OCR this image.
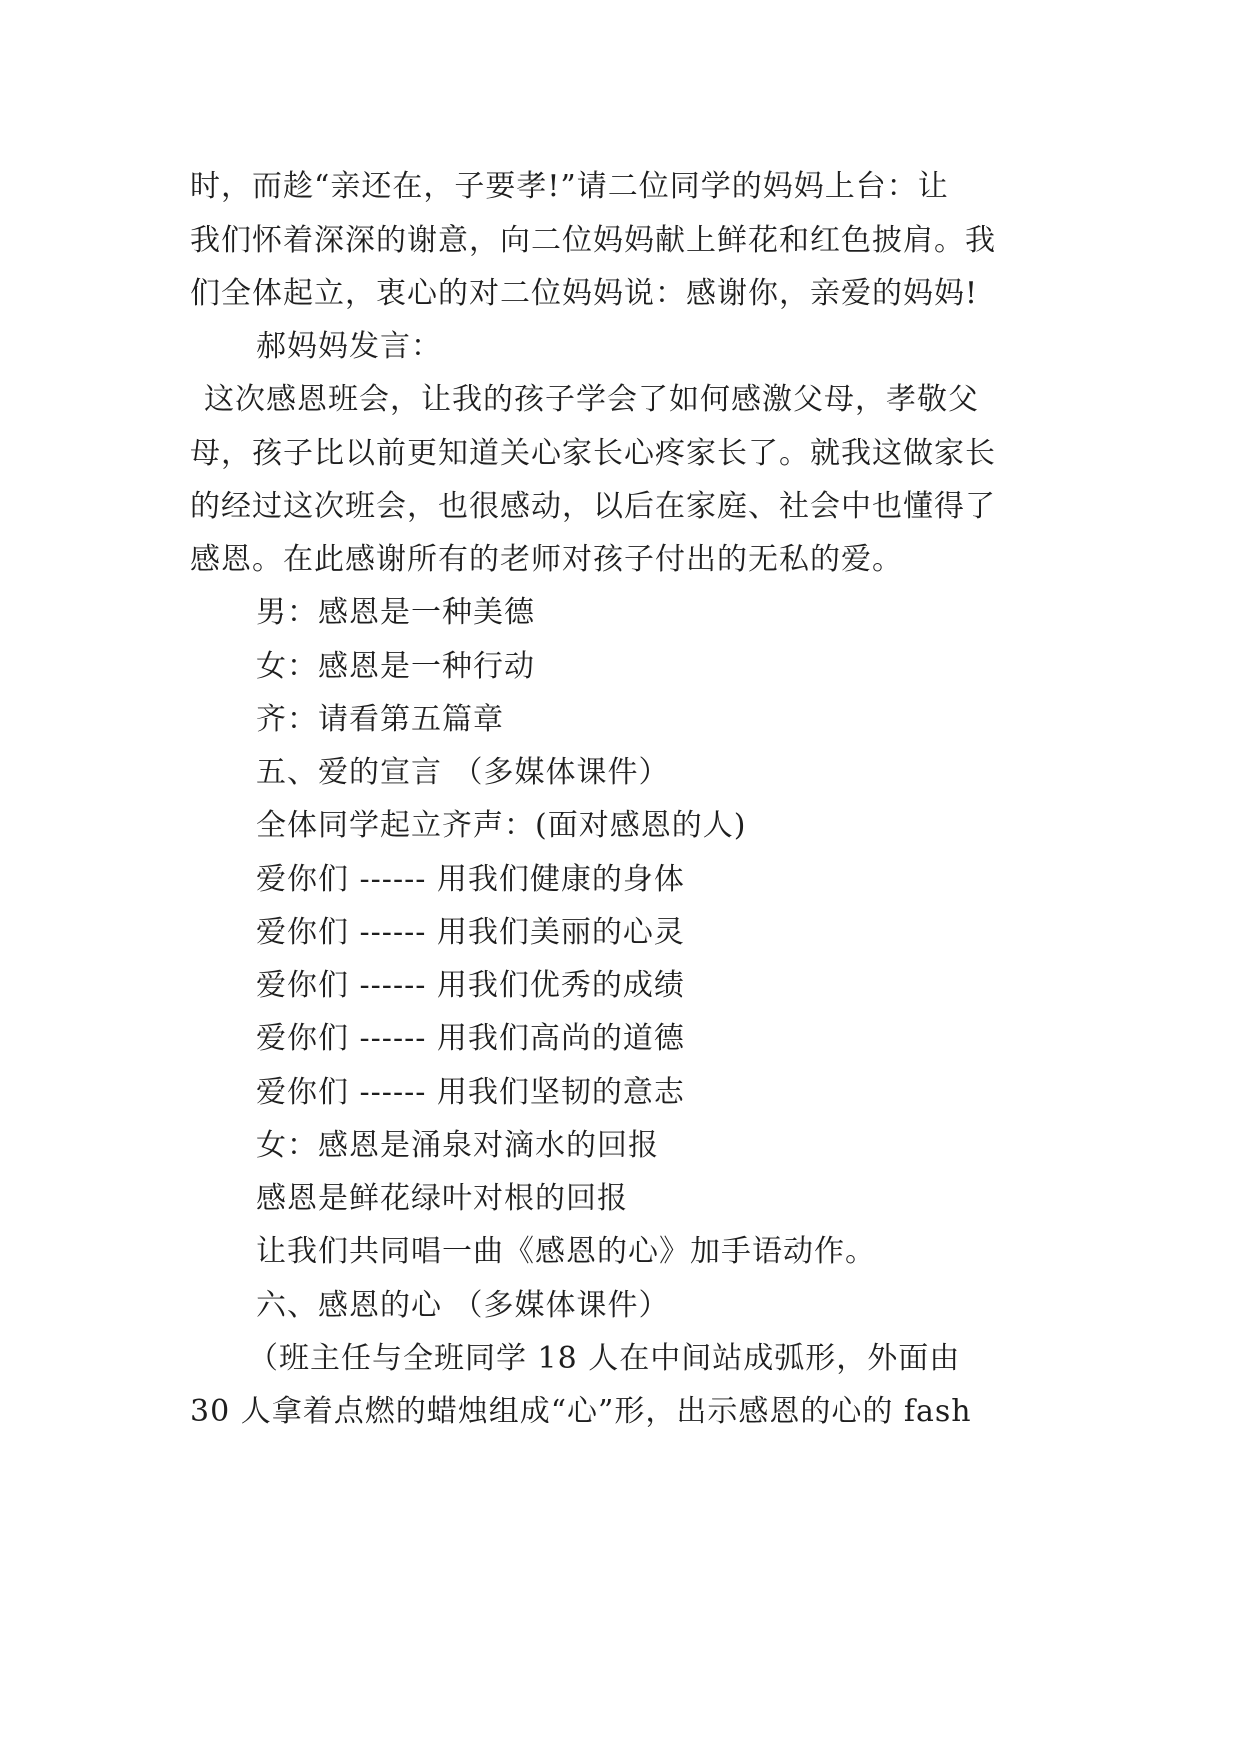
时，而趁“亲还在，子要孝!”请二位同学的妈妈上台：让
我们怀着深深的谢意，向二位妈妈献上鲜花和红色披肩。我
们全体起立，衷心的对二位妈妈说：感谢你，亲爱的妈妈!
郝妈妈发言：
这次感恩班会，让我的孩子学会了如何感激父母，孝敬父
母，孩子比以前更知道关心家长心疼家长了。就我这做家长
的经过这次班会，也很感动，以后在家庭、社会中也懂得了
感恩。在此感谢所有的老师对孩子付出的无私的爱。
男：感恩是一种美德
女：感恩是一种行动
齐：请看第五篇章
五、爱的宣言 （多媒体课件）
全体同学起立齐声：(面对感恩的人)
爱你们 ------ 用我们健康的身体
爱你们 ------ 用我们美丽的心灵
爱你们 ------ 用我们优秀的成绩
爱你们 ------ 用我们高尚的道德
爱你们 ------ 用我们坚韧的意志
女：感恩是涌泉对滴水的回报
感恩是鲜花绿叶对根的回报
让我们共同唱一曲《感恩的心》加手语动作。
六、感恩的心 （多媒体课件）
（班主任与全班同学 18 人在中间站成弧形，外面由
30 人拿着点燃的蜡烛组成“心”形，出示感恩的心的 fash
